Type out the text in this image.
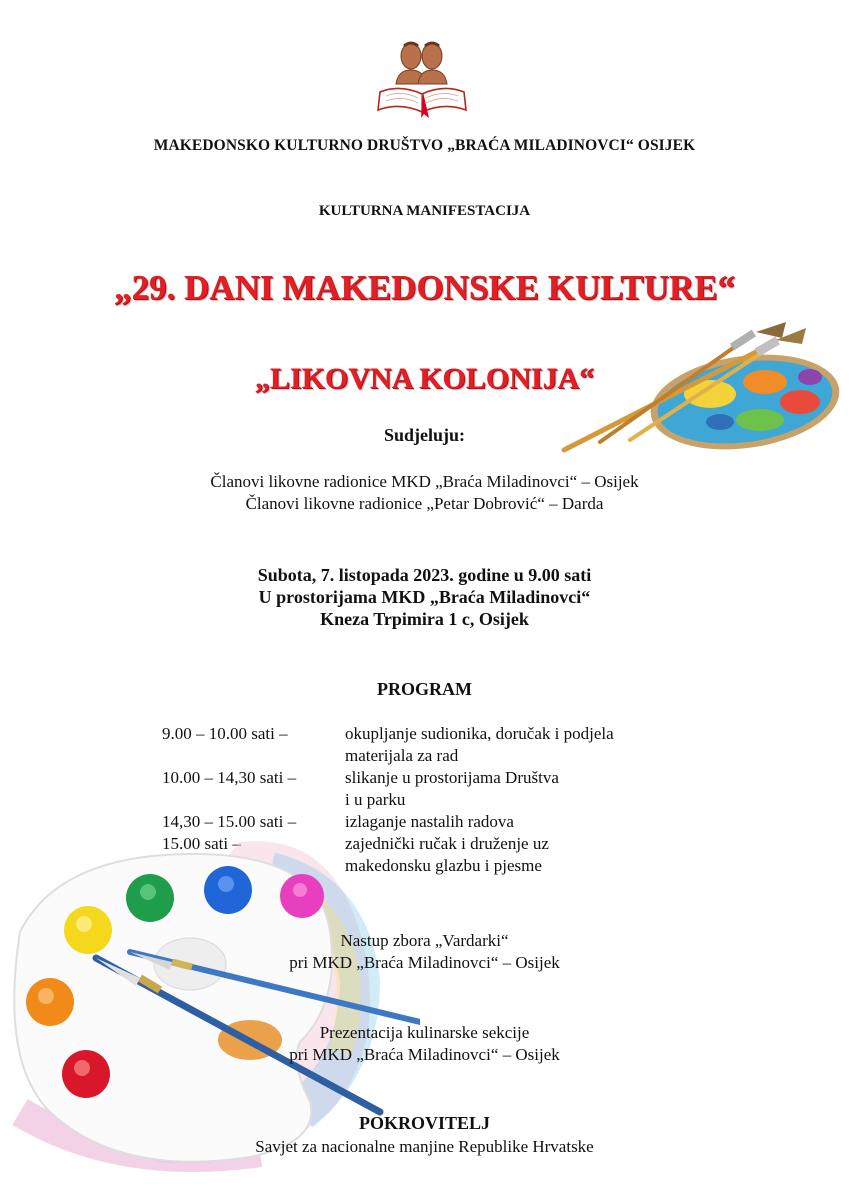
MAKEDONSKO KULTURNO DRUŠTVO „BRAĆA MILADINOVCI“ OSIJEK
KULTURNA MANIFESTACIJA
„29. DANI MAKEDONSKE KULTURE“
„LIKOVNA KOLONIJA“
Sudjeluju:
Članovi likovne radionice MKD „Braća Miladinovci“ – Osijek
Članovi likovne radionice „Petar Dobrović“ – Darda
Subota, 7. listopada 2023. godine u 9.00 sati
U prostorijama MKD „Braća Miladinovci“
Kneza Trpimira 1 c, Osijek
PROGRAM
9.00 – 10.00 sati –	okupljanje sudionika, doručak i podjela
materijala za rad
10.00 – 14,30 sati –	slikanje u prostorijama Društva
i u parku
14,30 – 15.00 sati –	izlaganje nastalih radova
15.00 sati –	zajednički ručak i druženje uz
makedonsku glazbu i pjesme
Nastup zbora „Vardarki“
pri MKD „Braća Miladinovci“ – Osijek
Prezentacija kulinarske sekcije
pri MKD „Braća Miladinovci“ – Osijek
POKROVITELJ
Savjet za nacionalne manjine Republike Hrvatske
